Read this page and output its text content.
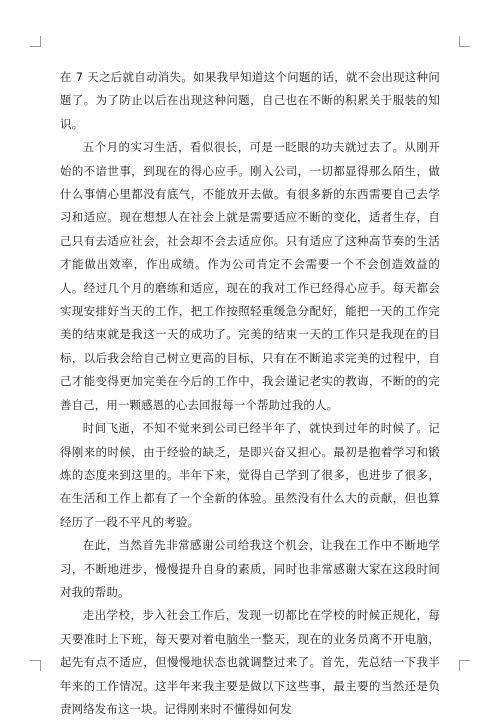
在 7 天之后就自动消失。如果我早知道这个问题的话，就不会出现这种问题了。为了防止以后在出现这种问题，自己也在不断的积累关于服装的知识。

五个月的实习生活，看似很长，可是一眨眼的功夫就过去了。从刚开始的不谙世事，到现在的得心应手。刚入公司，一切都显得那么陌生，做什么事情心里都没有底气，不能放开去做。有很多新的东西需要自己去学习和适应。现在想想人在社会上就是需要适应不断的变化，适者生存，自己只有去适应社会，社会却不会去适应你。只有适应了这种高节奏的生活才能做出效率，作出成绩。作为公司肯定不会需要一个不会创造效益的人。经过几个月的磨练和适应，现在的我对工作已经得心应手。每天都会实现安排好当天的工作，把工作按照轻重缓急分配好，能把一天的工作完美的结束就是我这一天的成功了。完美的结束一天的工作只是我现在的目标，以后我会给自己树立更高的目标，只有在不断追求完美的过程中，自己才能变得更加完美在今后的工作中，我会谨记老实的教诲，不断的的完善自己，用一颗感恩的心去回报每一个帮助过我的人。

时间飞逝，不知不觉来到公司已经半年了，就快到过年的时候了。记得刚来的时候，由于经验的缺乏，是即兴奋又担心。最初是抱着学习和锻炼的态度来到这里的。半年下来，觉得自己学到了很多，也进步了很多，在生活和工作上都有了一个全新的体验。虽然没有什么大的贡献，但也算经历了一段不平凡的考验。

在此，当然首先非常感谢公司给我这个机会，让我在工作中不断地学习，不断地进步，慢慢提升自身的素质，同时也非常感谢大家在这段时间对我的帮助。

走出学校，步入社会工作后，发现一切都比在学校的时候正规化，每天要准时上下班，每天要对着电脑坐一整天，现在的业务员离不开电脑，起先有点不适应，但慢慢地状态也就调整过来了。首先，先总结一下我半年来的工作情况。这半年来我主要是做以下这些事，最主要的当然还是负责网络发布这一块。记得刚来时不懂得如何发
